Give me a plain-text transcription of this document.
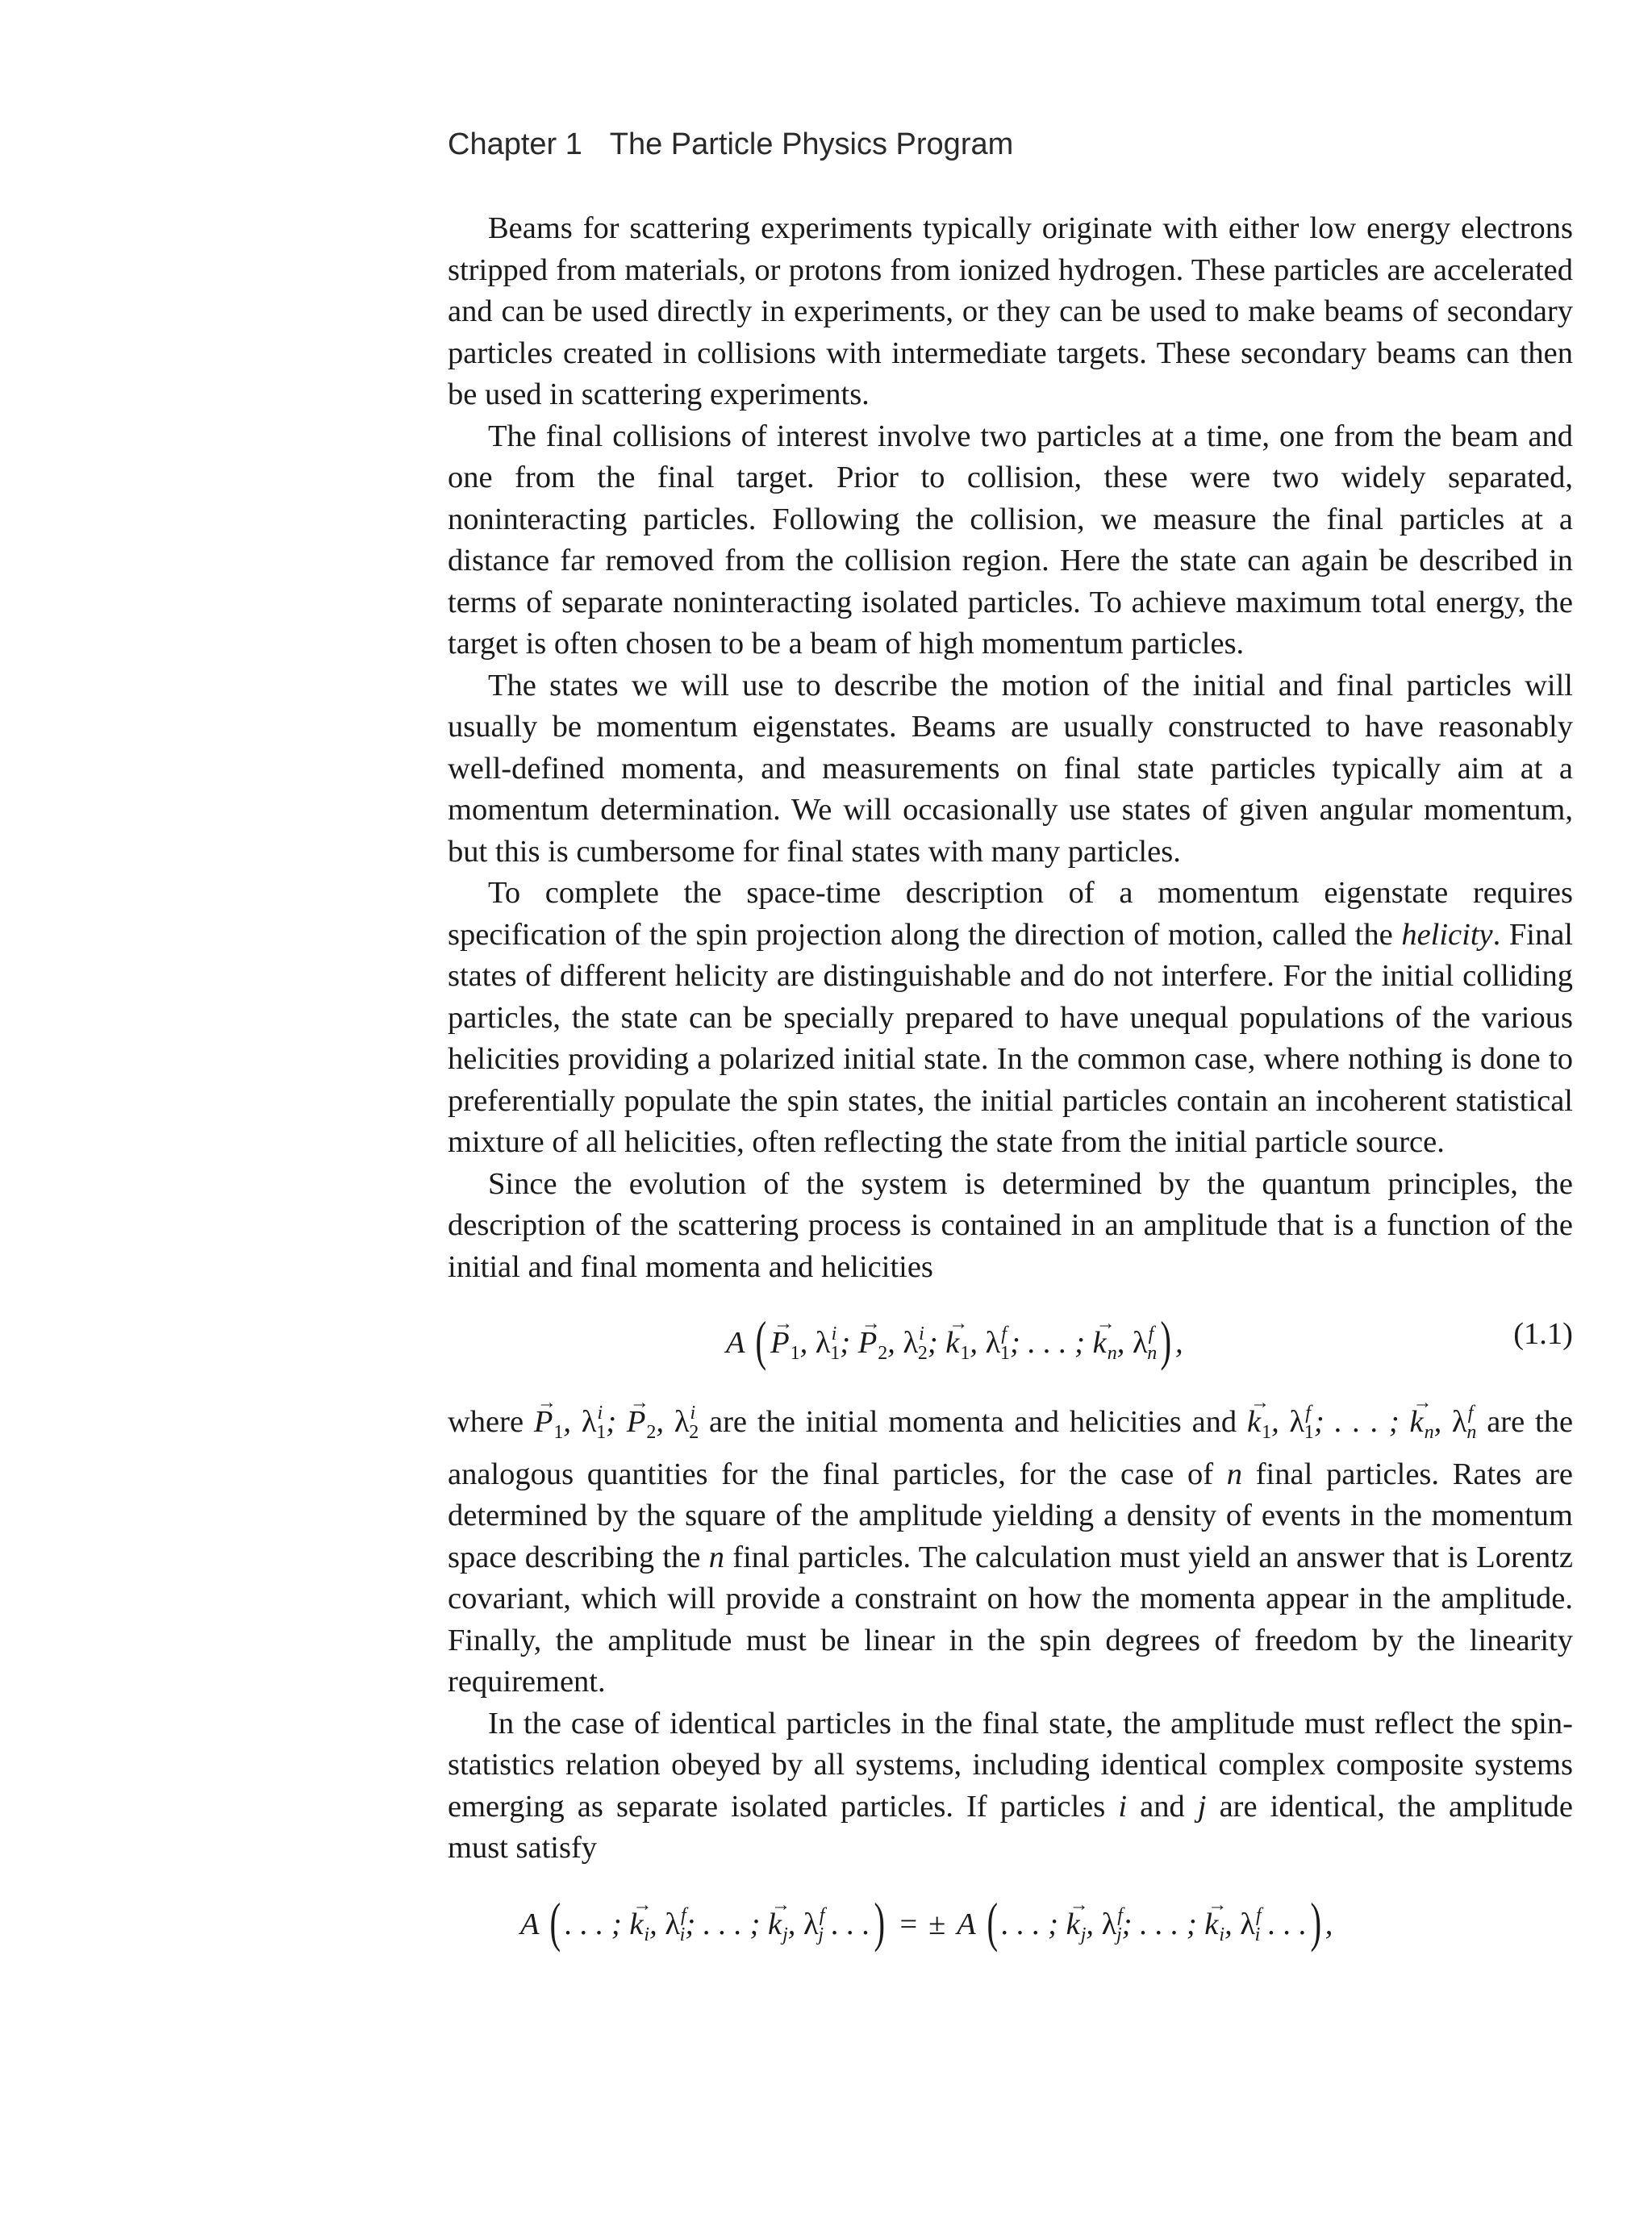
Chapter 1 The Particle Physics Program

Beams for scattering experiments typically originate with either low energy electrons stripped from materials, or protons from ionized hydrogen. These particles are accelerated and can be used directly in experiments, or they can be used to make beams of secondary particles created in collisions with intermediate targets. These secondary beams can then be used in scattering experiments.

The final collisions of interest involve two particles at a time, one from the beam and one from the final target. Prior to collision, these were two widely separated, noninteracting particles. Following the collision, we measure the final particles at a distance far removed from the collision region. Here the state can again be described in terms of separate noninteracting isolated particles. To achieve maximum total energy, the target is often chosen to be a beam of high momentum particles.

The states we will use to describe the motion of the initial and final particles will usually be momentum eigenstates. Beams are usually constructed to have reasonably well-defined momenta, and measurements on final state particles typically aim at a momentum determination. We will occasionally use states of given angular momentum, but this is cumbersome for final states with many particles.

To complete the space-time description of a momentum eigenstate requires specification of the spin projection along the direction of motion, called the helicity. Final states of different helicity are distinguishable and do not interfere. For the initial colliding particles, the state can be specially prepared to have unequal populations of the various helicities providing a polarized initial state. In the common case, where nothing is done to preferentially populate the spin states, the initial particles contain an incoherent statistical mixture of all helicities, often reflecting the state from the initial particle source.

Since the evolution of the system is determined by the quantum principles, the description of the scattering process is contained in an amplitude that is a function of the initial and final momenta and helicities

A ( → $P_1$, $\lambda^i_1$; → $P_2$, $\lambda^i_2$; → $k_1$, $\lambda^f_1$; . . . ; → $k_n$, $\lambda^f_n$) ,	(1.1)

where → $P_1$, $\lambda^i_1$; → $P_2$, $\lambda^i_2$ are the initial momenta and helicities and → $k_1$, $\lambda^f_1$; . . . ; → $k_n$, $\lambda^f_n$ are the analogous quantities for the final particles, for the case of n final particles. Rates are determined by the square of the amplitude yielding a density of events in the momentum space describing the n final particles. The calculation must yield an answer that is Lorentz covariant, which will provide a constraint on how the momenta appear in the amplitude. Finally, the amplitude must be linear in the spin degrees of freedom by the linearity requirement.

In the case of identical particles in the final state, the amplitude must reflect the spin-statistics relation obeyed by all systems, including identical complex composite systems emerging as separate isolated particles. If particles i and j are identical, the amplitude must satisfy

A ( . . . ; → $k_i$, $\lambda^f_i$; . . . ; → $k_j$, $\lambda^f_j$ . . .) = ± A ( . . . ; → $k_j$, $\lambda^f_j$; . . . ; → $k_i$, $\lambda^f_i$ . . .) ,
